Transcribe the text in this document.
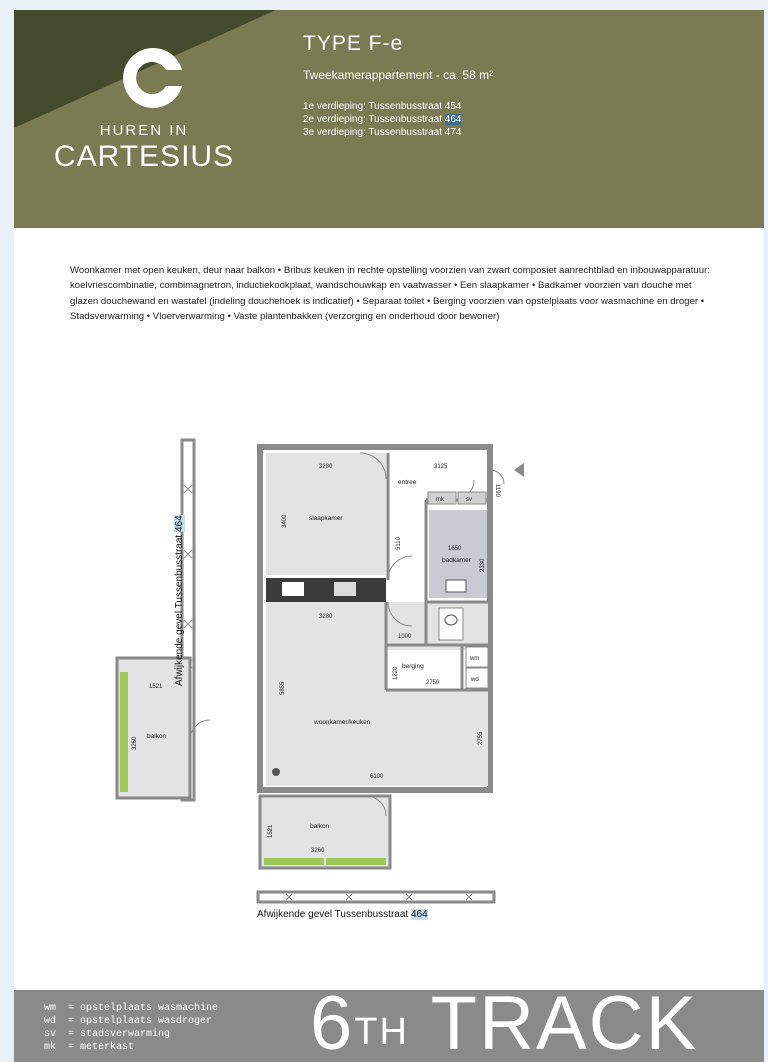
HUREN IN
CARTESIUS
TYPE F-e
Tweekamerappartement - ca. 58 m²
1e verdieping: Tussenbusstraat 454
2e verdieping: Tussenbusstraat 464
3e verdieping: Tussenbusstraat 474
Woonkamer met open keuken, deur naar balkon • Bribus keuken in rechte opstelling voorzien van zwart composiet aanrechtblad en inbouwapparatuur: koelvriescombinatie, combimagnetron, inductiekookplaat, wandschouwkap en vaatwasser • Een slaapkamer • Badkamer voorzien van douche met glazen douchewand en wastafel (indeling douchehoek is indicatief) • Separaat toilet • Berging voorzien van opstelplaats voor wasmachine en droger • Stadsverwarming • Vloerverwarming • Vaste plantenbakken (verzorging en onderhoud door bewoner)
balkon
1521
3260
mk	sv
wm
wd
slaapkamer
entree
badkamer
berging
woonkamer/keuken
3280	3125
1190
3400
5110	1650
2330
3280
1000
1220
2750
5855
2755
6100
balkon
1521
3260
Afwijkende gevel Tussenbusstraat 464
Afwijkende gevel Tussenbusstraat 464
wm  = opstelplaats wasmachine
wd  = opstelplaats wasdroger
sv  = stadsverwarming
mk  = meterkast	6TH TRACK
